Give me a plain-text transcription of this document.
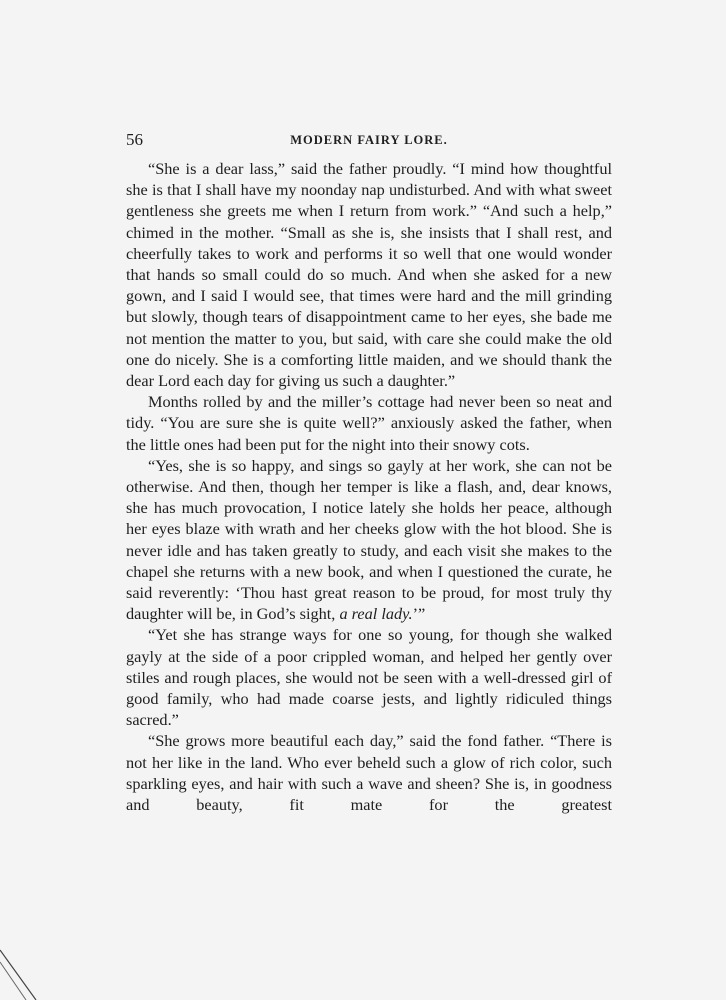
56	MODERN FAIRY LORE.

“She is a dear lass,” said the father proudly. “I mind how thoughtful she is that I shall have my noonday nap undisturbed. And with what sweet gentleness she greets me when I return from work.” “And such a help,” chimed in the mother. “Small as she is, she insists that I shall rest, and cheerfully takes to work and performs it so well that one would wonder that hands so small could do so much. And when she asked for a new gown, and I said I would see, that times were hard and the mill grinding but slowly, though tears of disappointment came to her eyes, she bade me not mention the matter to you, but said, with care she could make the old one do nicely. She is a comforting little maiden, and we should thank the dear Lord each day for giving us such a daughter.”

Months rolled by and the miller’s cottage had never been so neat and tidy. “You are sure she is quite well?” anxiously asked the father, when the little ones had been put for the night into their snowy cots.

“Yes, she is so happy, and sings so gayly at her work, she can not be otherwise. And then, though her temper is like a flash, and, dear knows, she has much provocation, I notice lately she holds her peace, although her eyes blaze with wrath and her cheeks glow with the hot blood. She is never idle and has taken greatly to study, and each visit she makes to the chapel she returns with a new book, and when I questioned the curate, he said reverently: ‘Thou hast great reason to be proud, for most truly thy daughter will be, in God’s sight, a real lady.’”

“Yet she has strange ways for one so young, for though she walked gayly at the side of a poor crippled woman, and helped her gently over stiles and rough places, she would not be seen with a well-dressed girl of good family, who had made coarse jests, and lightly ridiculed things sacred.”

“She grows more beautiful each day,” said the fond father. “There is not her like in the land. Who ever beheld such a glow of rich color, such sparkling eyes, and hair with such a wave and sheen? She is, in goodness and beauty, fit mate for the greatest
